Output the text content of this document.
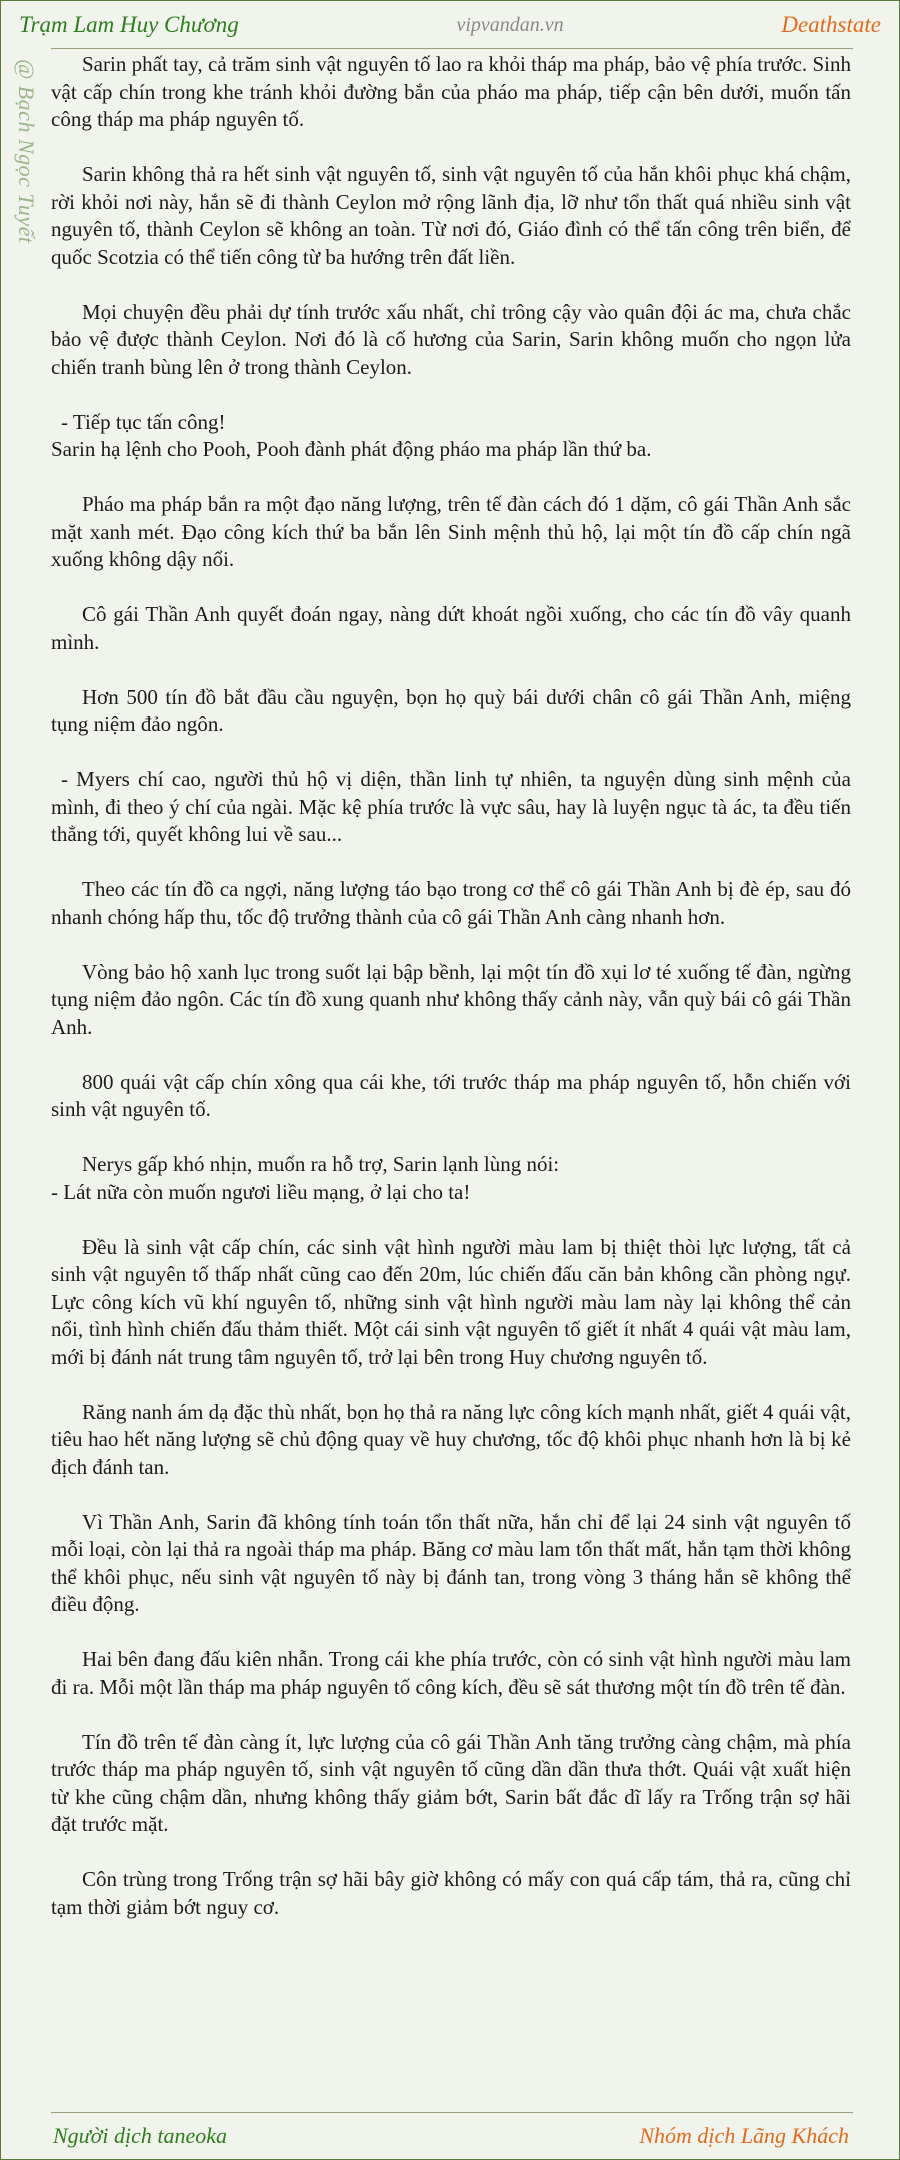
Trạm Lam Huy Chương	vipvandan.vn	Deathstate
@ Bạch Ngọc Tuyết	Sarin phất tay, cả trăm sinh vật nguyên tố lao ra khỏi tháp ma pháp, bảo vệ phía trước. Sinh vật cấp chín trong khe tránh khỏi đường bắn của pháo ma pháp, tiếp cận bên dưới, muốn tấn công tháp ma pháp nguyên tố.

Sarin không thả ra hết sinh vật nguyên tố, sinh vật nguyên tố của hắn khôi phục khá chậm, rời khỏi nơi này, hắn sẽ đi thành Ceylon mở rộng lãnh địa, lỡ như tổn thất quá nhiều sinh vật nguyên tố, thành Ceylon sẽ không an toàn. Từ nơi đó, Giáo đình có thể tấn công trên biển, để quốc Scotzia có thể tiến công từ ba hướng trên đất liền.

Mọi chuyện đều phải dự tính trước xấu nhất, chỉ trông cậy vào quân đội ác ma, chưa chắc bảo vệ được thành Ceylon. Nơi đó là cố hương của Sarin, Sarin không muốn cho ngọn lửa chiến tranh bùng lên ở trong thành Ceylon.

- Tiếp tục tấn công!

Sarin hạ lệnh cho Pooh, Pooh đành phát động pháo ma pháp lần thứ ba.

Pháo ma pháp bắn ra một đạo năng lượng, trên tế đàn cách đó 1 dặm, cô gái Thần Anh sắc mặt xanh mét. Đạo công kích thứ ba bắn lên Sinh mệnh thủ hộ, lại một tín đồ cấp chín ngã xuống không dậy nổi.

Cô gái Thần Anh quyết đoán ngay, nàng dứt khoát ngồi xuống, cho các tín đồ vây quanh mình.

Hơn 500 tín đồ bắt đầu cầu nguyện, bọn họ quỳ bái dưới chân cô gái Thần Anh, miệng tụng niệm đảo ngôn.

- Myers chí cao, người thủ hộ vị diện, thần linh tự nhiên, ta nguyện dùng sinh mệnh của mình, đi theo ý chí của ngài. Mặc kệ phía trước là vực sâu, hay là luyện ngục tà ác, ta đều tiến thẳng tới, quyết không lui về sau...

Theo các tín đồ ca ngợi, năng lượng táo bạo trong cơ thể cô gái Thần Anh bị đè ép, sau đó nhanh chóng hấp thu, tốc độ trưởng thành của cô gái Thần Anh càng nhanh hơn.

Vòng bảo hộ xanh lục trong suốt lại bập bềnh, lại một tín đồ xụi lơ té xuống tế đàn, ngừng tụng niệm đảo ngôn. Các tín đồ xung quanh như không thấy cảnh này, vẫn quỳ bái cô gái Thần Anh.

800 quái vật cấp chín xông qua cái khe, tới trước tháp ma pháp nguyên tố, hỗn chiến với sinh vật nguyên tố.

Nerys gấp khó nhịn, muốn ra hỗ trợ, Sarin lạnh lùng nói:

- Lát nữa còn muốn ngươi liều mạng, ở lại cho ta!

Đều là sinh vật cấp chín, các sinh vật hình người màu lam bị thiệt thòi lực lượng, tất cả sinh vật nguyên tố thấp nhất cũng cao đến 20m, lúc chiến đấu căn bản không cần phòng ngự. Lực công kích vũ khí nguyên tố, những sinh vật hình người màu lam này lại không thể cản nổi, tình hình chiến đấu thảm thiết. Một cái sinh vật nguyên tố giết ít nhất 4 quái vật màu lam, mới bị đánh nát trung tâm nguyên tố, trở lại bên trong Huy chương nguyên tố.

Răng nanh ám dạ đặc thù nhất, bọn họ thả ra năng lực công kích mạnh nhất, giết 4 quái vật, tiêu hao hết năng lượng sẽ chủ động quay về huy chương, tốc độ khôi phục nhanh hơn là bị kẻ địch đánh tan.

Vì Thần Anh, Sarin đã không tính toán tổn thất nữa, hắn chỉ để lại 24 sinh vật nguyên tố mỗi loại, còn lại thả ra ngoài tháp ma pháp. Băng cơ màu lam tổn thất mất, hắn tạm thời không thể khôi phục, nếu sinh vật nguyên tố này bị đánh tan, trong vòng 3 tháng hắn sẽ không thể điều động.

Hai bên đang đấu kiên nhẫn. Trong cái khe phía trước, còn có sinh vật hình người màu lam đi ra. Mỗi một lần tháp ma pháp nguyên tố công kích, đều sẽ sát thương một tín đồ trên tế đàn.

Tín đồ trên tế đàn càng ít, lực lượng của cô gái Thần Anh tăng trưởng càng chậm, mà phía trước tháp ma pháp nguyên tố, sinh vật nguyên tố cũng dần dần thưa thớt. Quái vật xuất hiện từ khe cũng chậm dần, nhưng không thấy giảm bớt, Sarin bất đắc dĩ lấy ra Trống trận sợ hãi đặt trước mặt.

Côn trùng trong Trống trận sợ hãi bây giờ không có mấy con quá cấp tám, thả ra, cũng chỉ tạm thời giảm bớt nguy cơ.

Người dịch taneoka	Nhóm dịch Lãng Khách
